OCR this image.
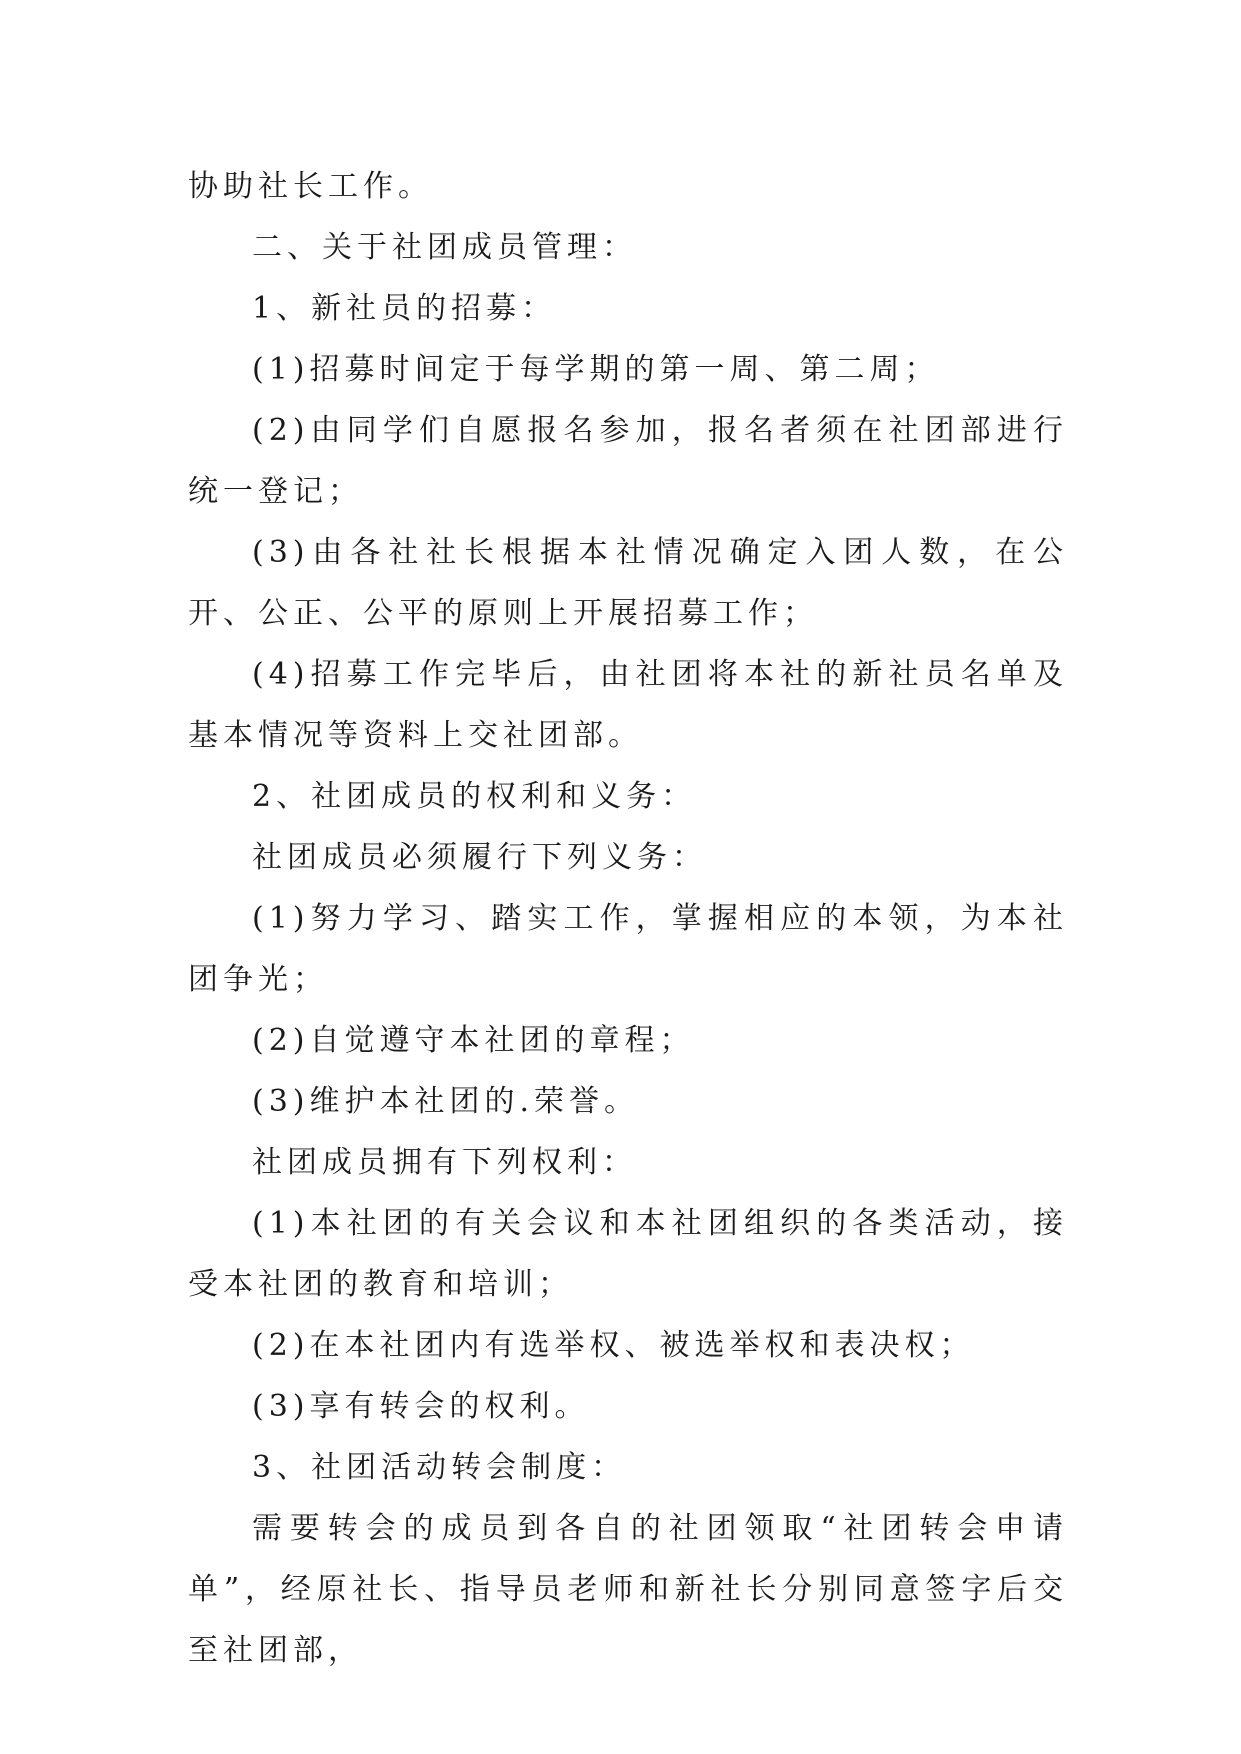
协助社长工作。

二、关于社团成员管理：

1、新社员的招募：

(1)招募时间定于每学期的第一周、第二周；

(2)由同学们自愿报名参加，报名者须在社团部进行统一登记；

(3)由各社社长根据本社情况确定入团人数，在公开、公正、公平的原则上开展招募工作；

(4)招募工作完毕后，由社团将本社的新社员名单及基本情况等资料上交社团部。

2、社团成员的权利和义务：

社团成员必须履行下列义务：

(1)努力学习、踏实工作，掌握相应的本领，为本社团争光；

(2)自觉遵守本社团的章程；

(3)维护本社团的.荣誉。

社团成员拥有下列权利：

(1)本社团的有关会议和本社团组织的各类活动，接受本社团的教育和培训；

(2)在本社团内有选举权、被选举权和表决权；

(3)享有转会的权利。

3、社团活动转会制度：

需要转会的成员到各自的社团领取“社团转会申请单”，经原社长、指导员老师和新社长分别同意签字后交至社团部，
